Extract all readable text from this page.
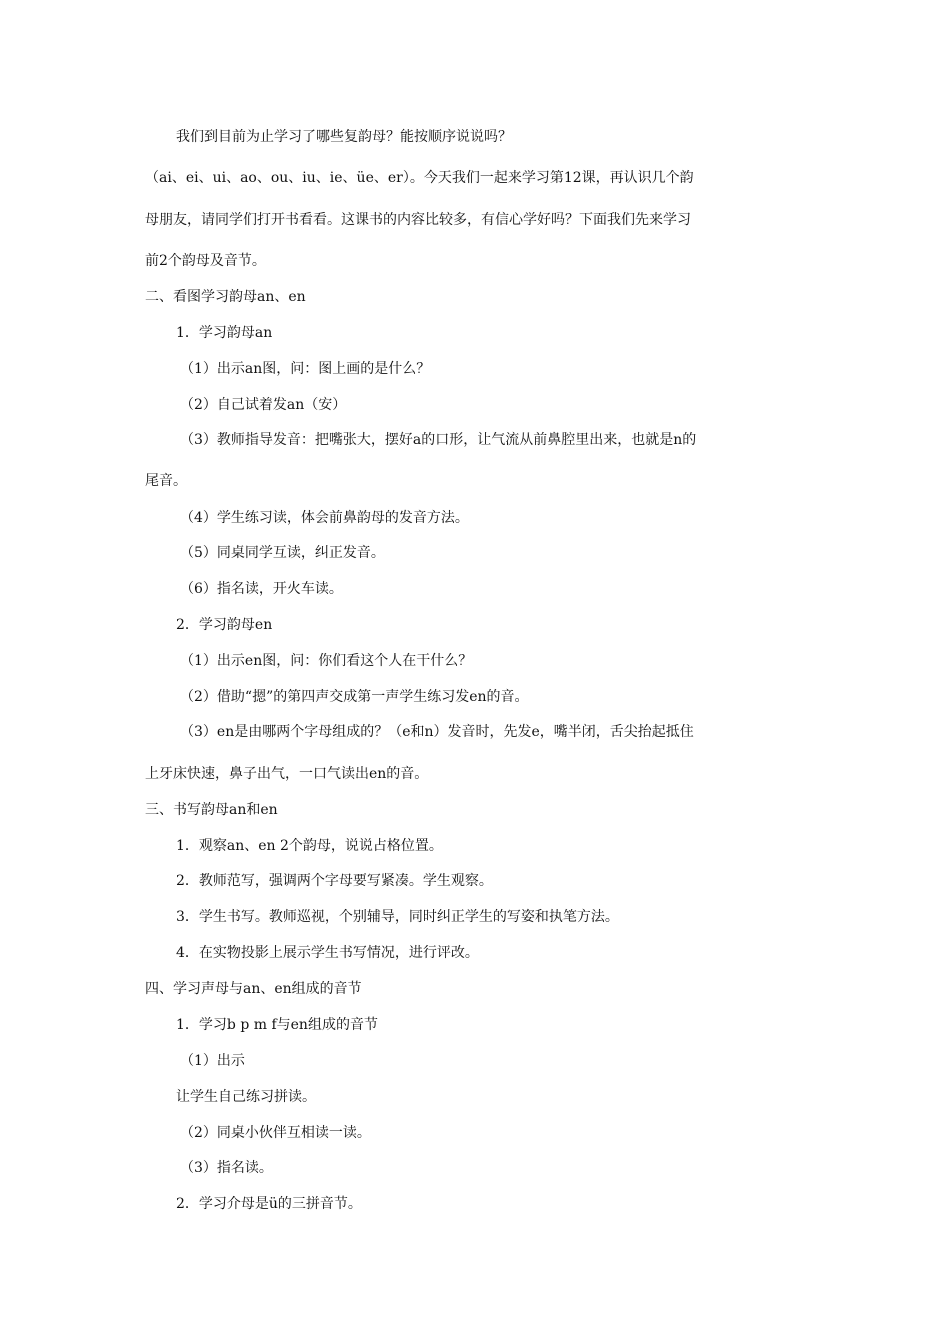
我们到目前为止学习了哪些复韵母？能按顺序说说吗？
（ai、ei、ui、ao、ou、iu、ie、üe、er）。今天我们一起来学习第12课，再认识几个韵
母朋友，请同学们打开书看看。这课书的内容比较多，有信心学好吗？下面我们先来学习
前2个韵母及音节。
二、看图学习韵母an、en
1．学习韵母an
（1）出示an图，问：图上画的是什么？
（2）自己试着发an（安）
（3）教师指导发音：把嘴张大，摆好a的口形，让气流从前鼻腔里出来，也就是n的
尾音。
（4）学生练习读，体会前鼻韵母的发音方法。
（5）同桌同学互读，纠正发音。
（6）指名读，开火车读。
2．学习韵母en
（1）出示en图，问：你们看这个人在干什么？
（2）借助“摁”的第四声交成第一声学生练习发en的音。
（3）en是由哪两个字母组成的？（e和n）发音时，先发e，嘴半闭，舌尖抬起抵住
上牙床快速，鼻子出气，一口气读出en的音。
三、书写韵母an和en
1．观察an、en 2个韵母，说说占格位置。
2．教师范写，强调两个字母要写紧凑。学生观察。
3．学生书写。教师巡视，个别辅导，同时纠正学生的写姿和执笔方法。
4．在实物投影上展示学生书写情况，进行评改。
四、学习声母与an、en组成的音节
1．学习b p m f与en组成的音节
（1）出示
让学生自己练习拼读。
（2）同桌小伙伴互相读一读。
（3）指名读。
2．学习介母是ü的三拼音节。
